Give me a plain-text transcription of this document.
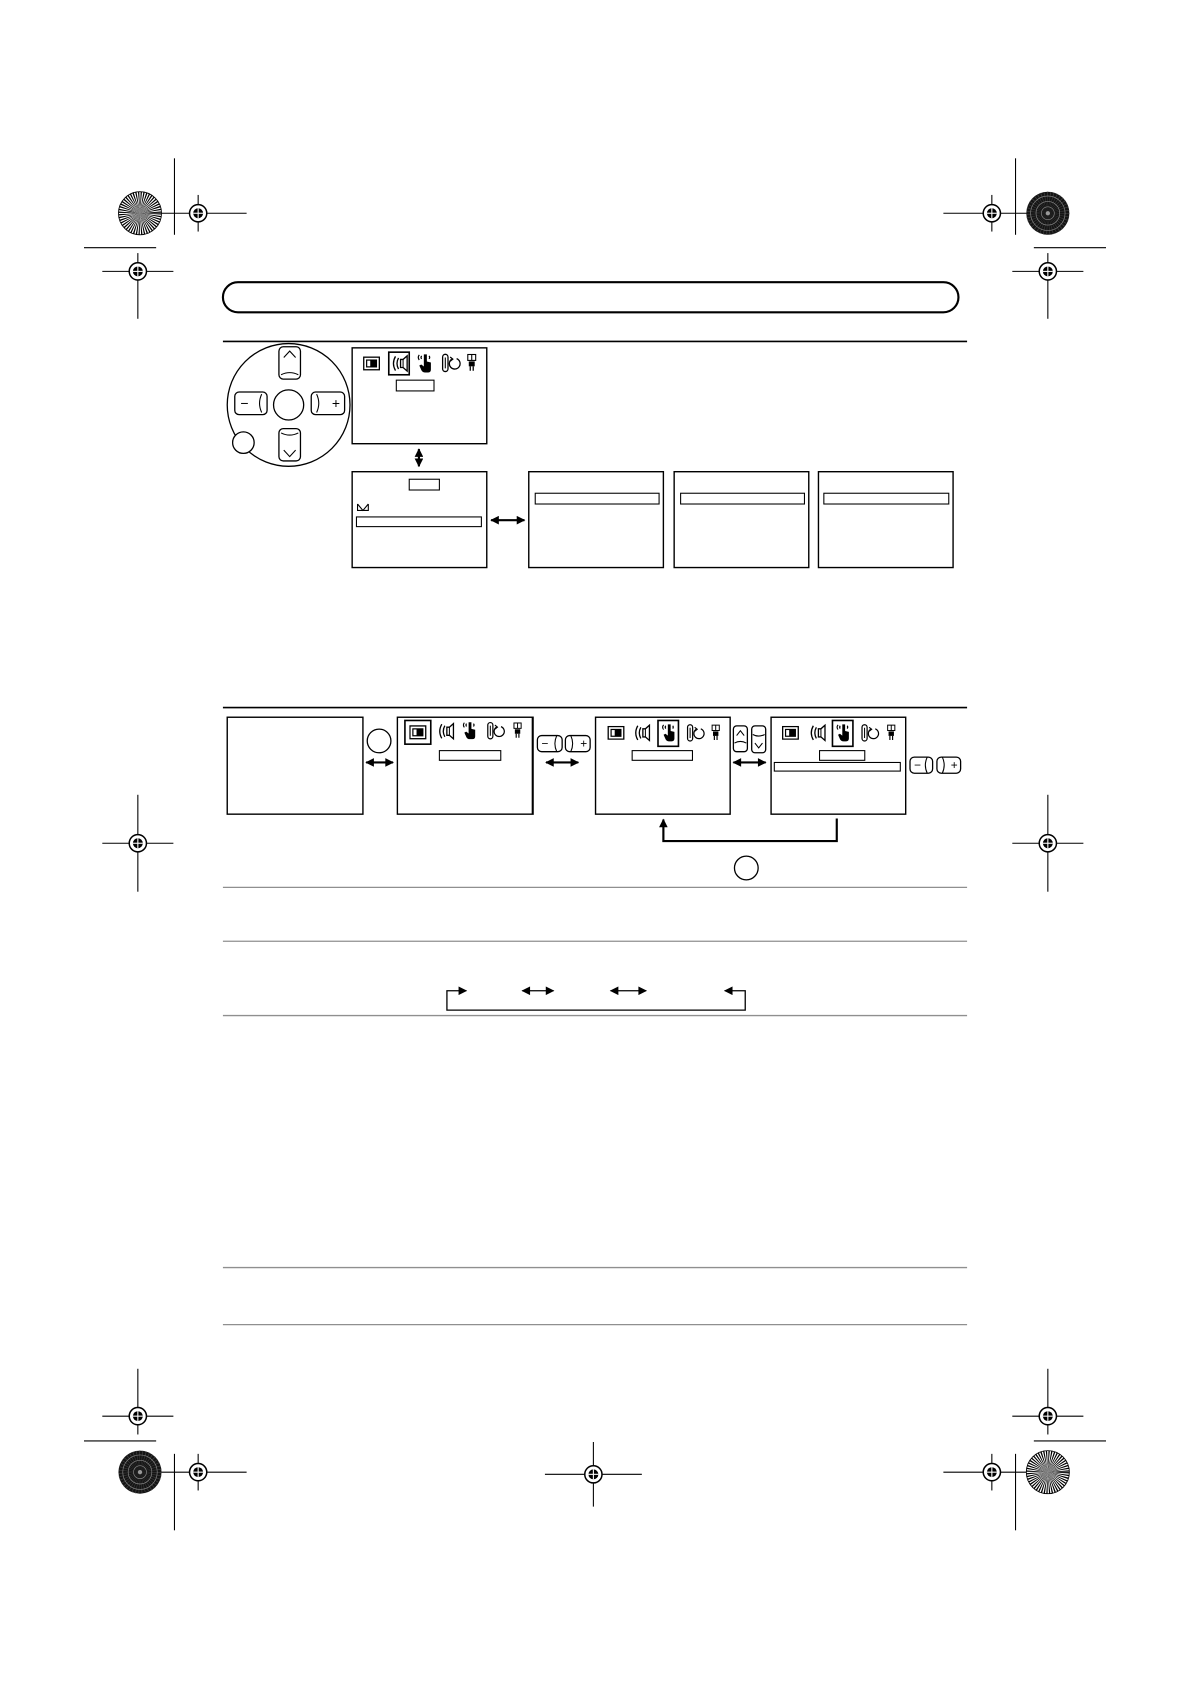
−	+
−	+
−	+
